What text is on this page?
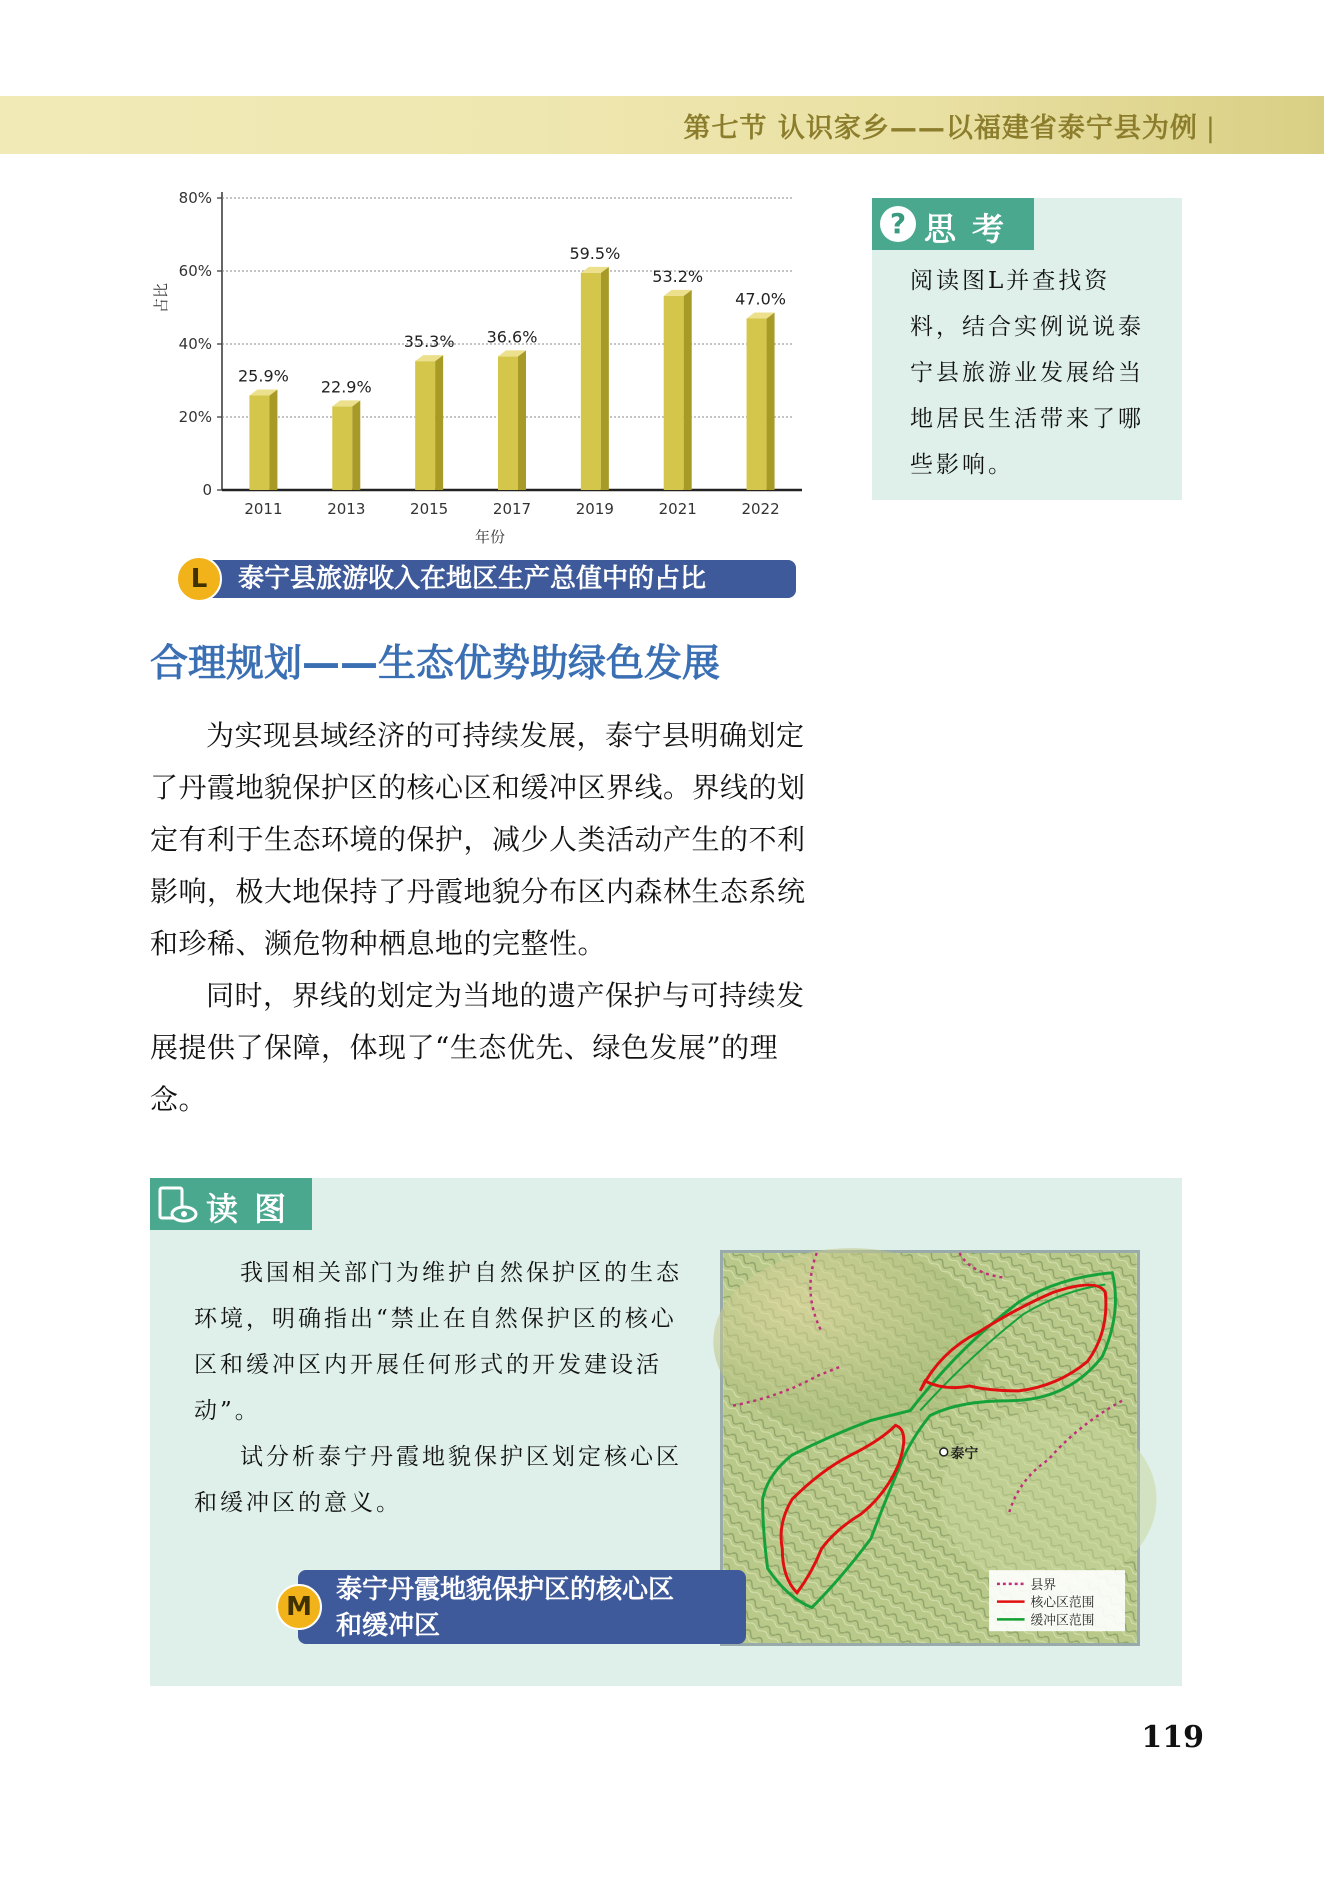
第七节 认识家乡——以福建省泰宁县为例 |
0
20%
40%
60%
80%
25.9%
2011
22.9%
2013
35.3%
2015
36.6%
2017
59.5%
2019
53.2%
2021
47.0%
2022
占比
年份
泰宁县旅游收入在地区生产总值中的占比
L
? 思考
阅读图L并查找资料，结合实例说说泰宁县旅游业发展给当地居民生活带来了哪些影响。
合理规划——生态优势助绿色发展
为实现县域经济的可持续发展，泰宁县明确划定了丹霞地貌保护区的核心区和缓冲区界线。界线的划定有利于生态环境的保护，减少人类活动产生的不利影响，极大地保持了丹霞地貌分布区内森林生态系统和珍稀、濒危物种栖息地的完整性。
同时，界线的划定为当地的遗产保护与可持续发展提供了保障，体现了“生态优先、绿色发展”的理念。
读图
我国相关部门为维护自然保护区的生态环境，明确指出“禁止在自然保护区的核心区和缓冲区内开展任何形式的开发建设活动”。
试分析泰宁丹霞地貌保护区划定核心区和缓冲区的意义。
泰宁
县界
核心区范围
缓冲区范围
泰宁丹霞地貌保护区的核心区
和缓冲区
M
119
